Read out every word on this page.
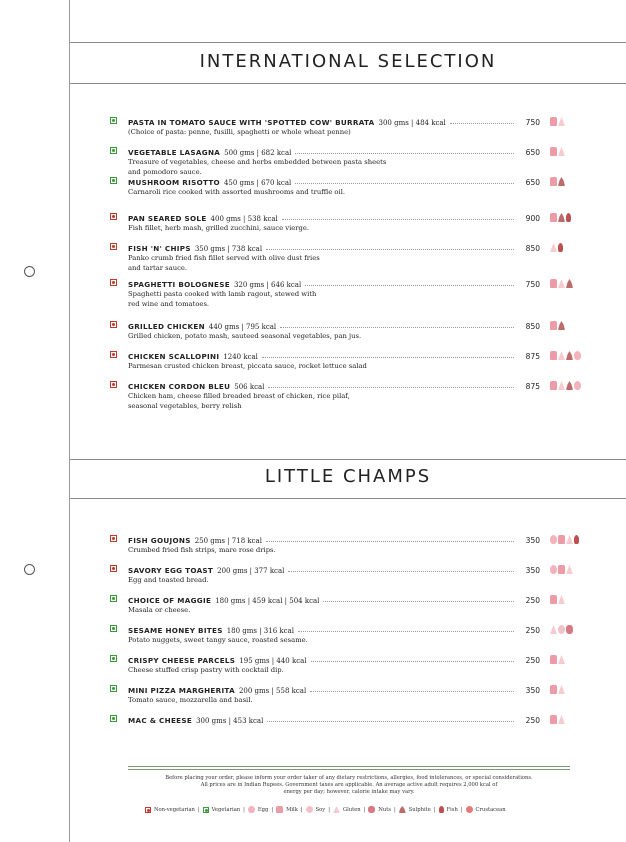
INTERNATIONAL SELECTION
PASTA IN TOMATO SAUCE WITH 'SPOTTED COW' BURRATA 300 gms | 484 kcal	750
(Choice of pasta: penne, fusilli, spaghetti or whole wheat penne)
VEGETABLE LASAGNA 500 gms | 682 kcal	650
Treasure of vegetables, cheese and herbs embedded between pasta sheets
and pomodoro sauce.
MUSHROOM RISOTTO 450 gms | 670 kcal	650
Carnaroli rice cooked with assorted mushrooms and truffle oil.
PAN SEARED SOLE 400 gms | 538 kcal	900
Fish fillet, herb mash, grilled zucchini, sauce vierge.
FISH 'N' CHIPS 350 gms | 738 kcal	850
Panko crumb fried fish fillet served with olive dust fries
and tartar sauce.
SPAGHETTI BOLOGNESE 320 gms | 646 kcal	750
Spaghetti pasta cooked with lamb ragout, stewed with
red wine and tomatoes.
GRILLED CHICKEN 440 gms | 795 kcal	850
Grilled chicken, potato mash, sauteed seasonal vegetables, pan jus.
CHICKEN SCALLOPINI 1240 kcal	875
Parmesan crusted chicken breast, piccata sauce, rocket lettuce salad
CHICKEN CORDON BLEU 506 kcal	875
Chicken ham, cheese filled breaded breast of chicken, rice pilaf,
seasonal vegetables, berry relish
LITTLE CHAMPS
FISH GOUJONS 250 gms | 718 kcal	350
Crumbed fried fish strips, mare rose drips.
SAVORY EGG TOAST 200 gms | 377 kcal	350
Egg and toasted bread.
CHOICE OF MAGGIE 180 gms | 459 kcal | 504 kcal	250
Masala or cheese.
SESAME HONEY BITES 180 gms | 316 kcal	250
Potato nuggets, sweet tangy sauce, roasted sesame.
CRISPY CHEESE PARCELS 195 gms | 440 kcal	250
Cheese stuffed crisp pastry with cocktail dip.
MINI PIZZA MARGHERITA 200 gms | 558 kcal	350
Tomato sauce, mozzarella and basil.
MAC & CHEESE 300 gms | 453 kcal	250
Before placing your order, please inform your order taker of any dietary restrictions, allergies, food intolerances, or special considerations.
All prices are in Indian Rupees. Government taxes are applicable. An average active adult requires 2,000 kcal of
energy per day; however, calorie intake may vary.
Non-vegetarian | Vegetarian |	Egg |	Milk |	Soy |	Gluten |	Nuts |	Sulphite | Fish |	Crustacean
